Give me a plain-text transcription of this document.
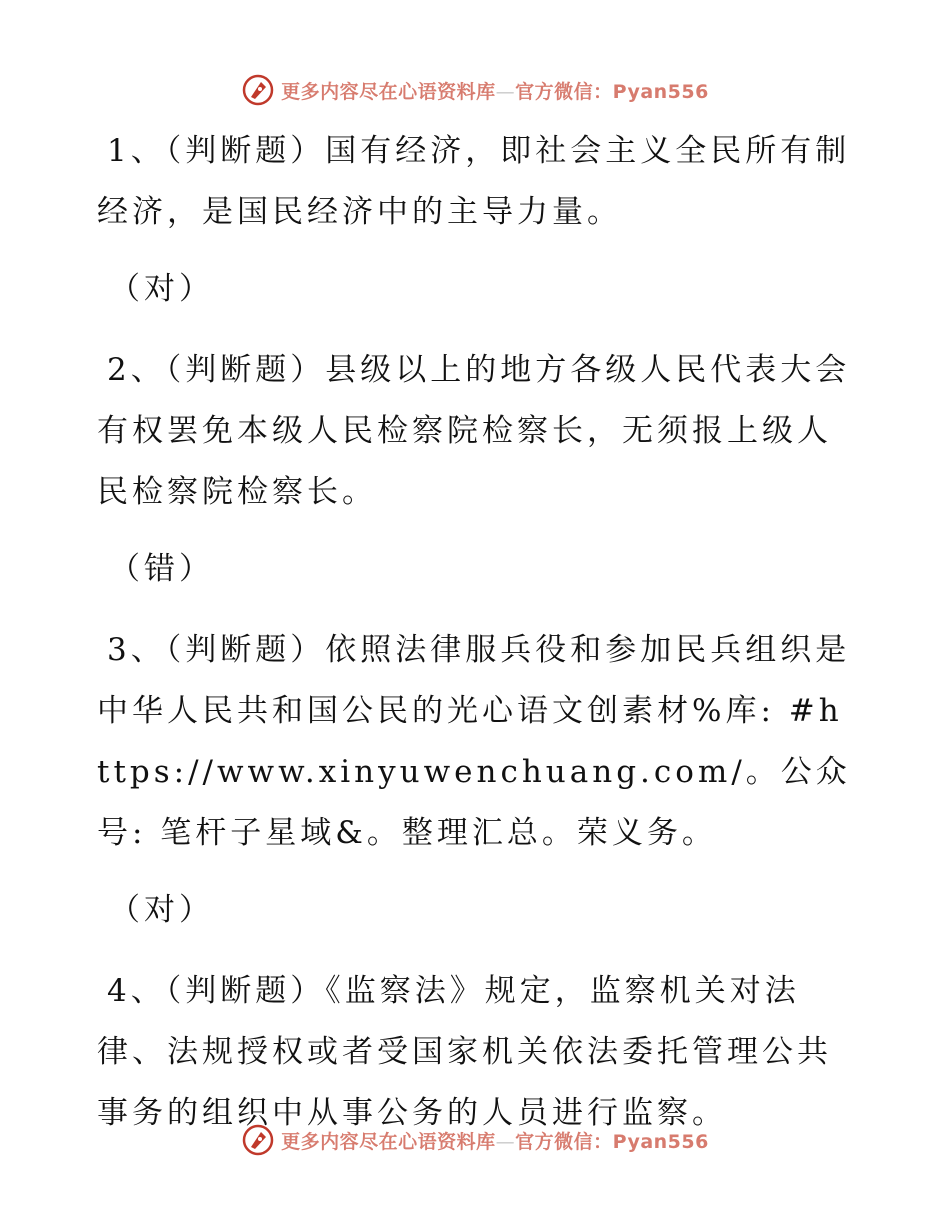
更多内容尽在心语资料库—官方微信：Pyan556

1、（判断题）国有经济，即社会主义全民所有制经济，是国民经济中的主导力量。

（对）

2、（判断题）县级以上的地方各级人民代表大会有权罢免本级人民检察院检察长，无须报上级人民检察院检察长。

（错）

3、（判断题）依照法律服兵役和参加民兵组织是中华人民共和国公民的光心语文创素材%库: #https://www.xinyuwenchuang.com/。公众号: 笔杆子星域&。整理汇总。荣义务。

（对）

4、（判断题）《监察法》规定，监察机关对法律、法规授权或者受国家机关依法委托管理公共事务的组织中从事公务的人员进行监察。

更多内容尽在心语资料库—官方微信：Pyan556
